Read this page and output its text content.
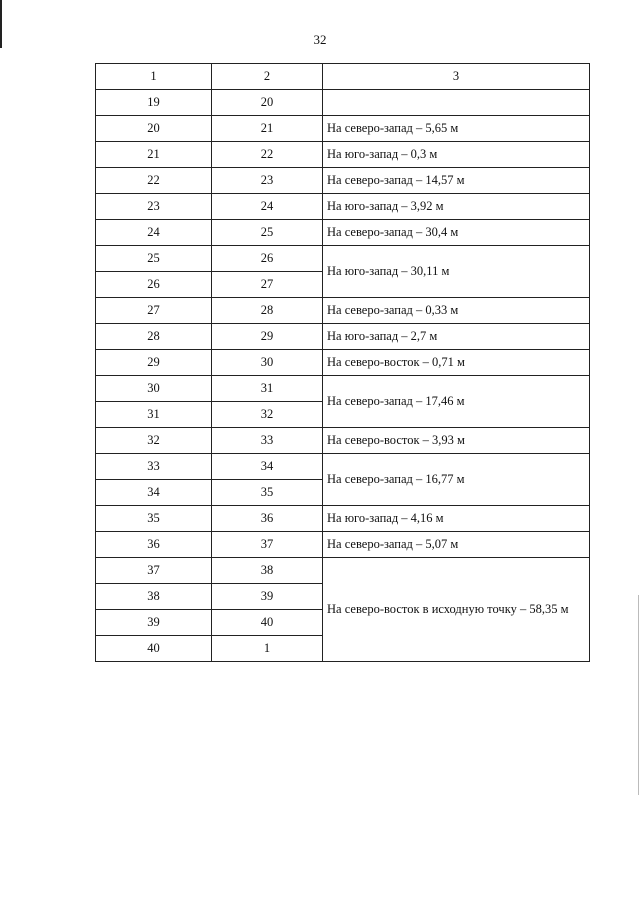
32
1	2	3
19	20	
20	21	На северо-запад – 5,65 м
21	22	На юго-запад – 0,3 м
22	23	На северо-запад – 14,57 м
23	24	На юго-запад – 3,92 м
24	25	На северо-запад – 30,4 м
25	26	На юго-запад – 30,11 м
26	27	
27	28	На северо-запад – 0,33 м
28	29	На юго-запад – 2,7 м
29	30	На северо-восток – 0,71 м
30	31	На северо-запад – 17,46 м
31	32	
32	33	На северо-восток – 3,93 м
33	34	На северо-запад – 16,77 м
34	35	
35	36	На юго-запад – 4,16 м
36	37	На северо-запад – 5,07 м
37	38	На северо-восток в исходную точку – 58,35 м
38	39	
39	40	
40	1	
